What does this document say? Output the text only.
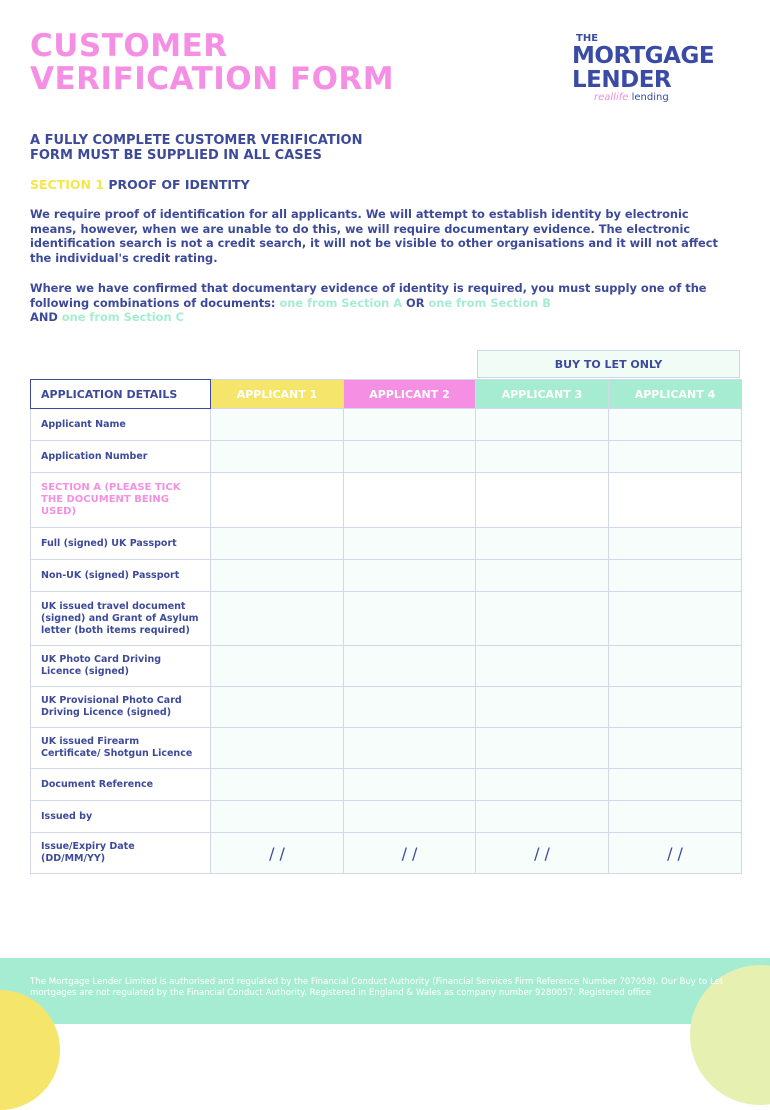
CUSTOMER
VERIFICATION FORM
THE
MORTGAGE
LENDER
reallife lending
A FULLY COMPLETE CUSTOMER VERIFICATION
FORM MUST BE SUPPLIED IN ALL CASES
SECTION 1 PROOF OF IDENTITY

We require proof of identification for all applicants. We will attempt to establish identity by electronic means, however, when we are unable to do this, we will require documentary evidence. The electronic identification search is not a credit search, it will not be visible to other organisations and it will not affect the individual's credit rating.

Where we have confirmed that documentary evidence of identity is required, you must supply one of the following combinations of documents: one from Section A OR one from Section B
AND one from Section C

BUY TO LET ONLY
APPLICATION DETAILS	APPLICANT 1	APPLICANT 2	APPLICANT 3	APPLICANT 4
Applicant Name				
Application Number				
SECTION A (PLEASE TICK THE DOCUMENT BEING USED)				
Full (signed) UK Passport				
Non-UK (signed) Passport				
UK issued travel document (signed) and Grant of Asylum letter (both items required)				
UK Photo Card Driving Licence (signed)				
UK Provisional Photo Card Driving Licence (signed)				
UK issued Firearm Certificate/ Shotgun Licence				
Document Reference				
Issued by				
Issue/Expiry Date (DD/MM/YY)	/ /	/ /	/ /	/ /

The Mortgage Lender Limited is authorised and regulated by the Financial Conduct Authority (Financial Services Firm Reference Number 707058). Our Buy to Let mortgages are not regulated by the Financial Conduct Authority. Registered in England & Wales as company number 9280057. Registered office
